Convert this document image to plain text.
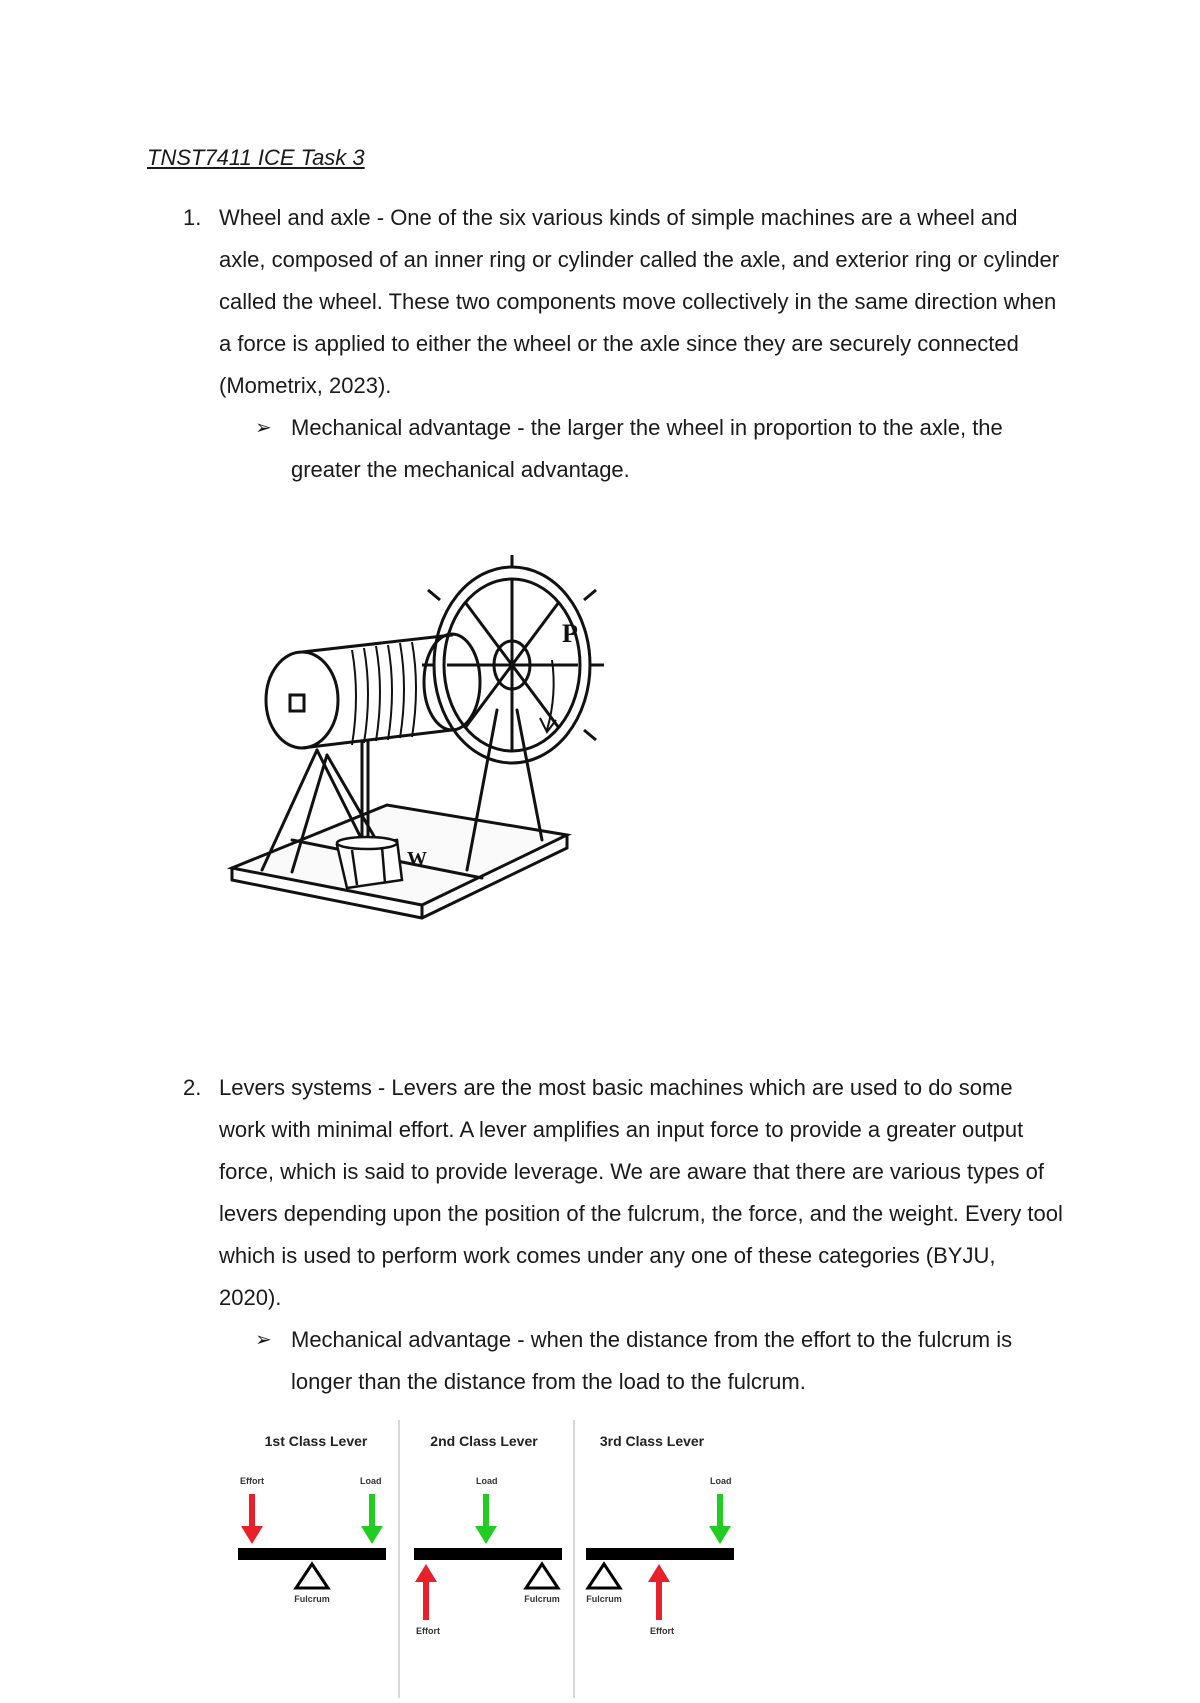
TNST7411 ICE Task 3
1. Wheel and axle - One of the six various kinds of simple machines are a wheel and axle, composed of an inner ring or cylinder called the axle, and exterior ring or cylinder called the wheel. These two components move collectively in the same direction when a force is applied to either the wheel or the axle since they are securely connected (Mometrix, 2023).

➢ Mechanical advantage - the larger the wheel in proportion to the axle, the greater the mechanical advantage.
P
W
2. Levers systems - Levers are the most basic machines which are used to do some work with minimal effort. A lever amplifies an input force to provide a greater output force, which is said to provide leverage. We are aware that there are various types of levers depending upon the position of the fulcrum, the force, and the weight. Every tool which is used to perform work comes under any one of these categories (BYJU, 2020).

➢ Mechanical advantage - when the distance from the effort to the fulcrum is longer than the distance from the load to the fulcrum.
1st Class Lever
Effort	Load
Fulcrum
2nd Class Lever
Load
Effort
Fulcrum
3rd Class Lever
Load
Fulcrum
Effort
